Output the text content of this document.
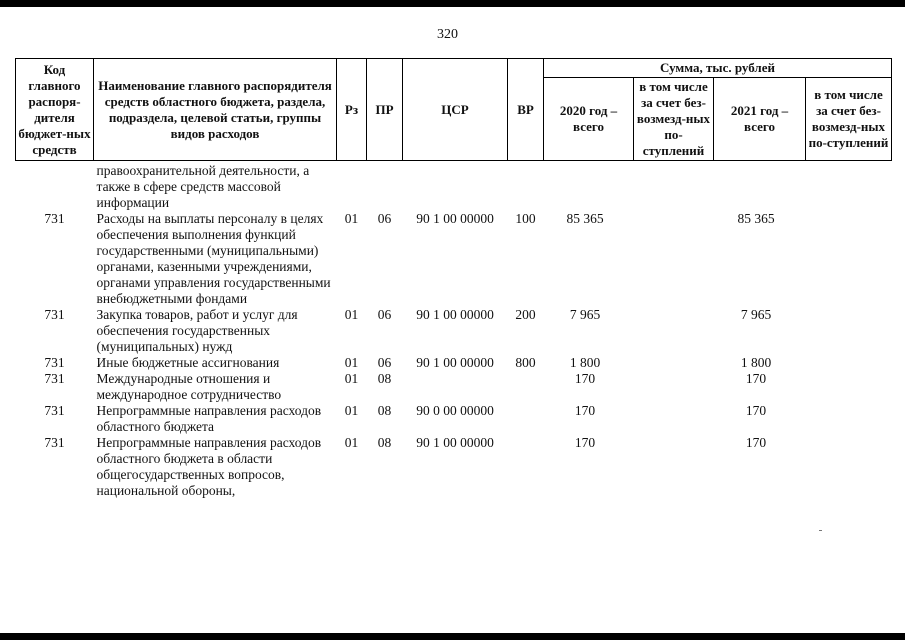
320
Код главного распоря-дителя бюджет-ных средств	Наименование главного распорядителя средств областного бюджета, раздела, подраздела, целевой статьи, группы видов расходов	Рз	ПР	ЦСР	ВР	Сумма, тыс. рублей			
						2020 год – всего	в том числе за счет без-возмезд-ных по-ступлений	2021 год – всего	в том числе за счет без-возмезд-ных по-ступлений
	правоохранительной деятельности, а также в сфере средств массовой информации								
731	Расходы на выплаты персоналу в целях обеспечения выполнения функций государственными (муниципальными) органами, казенными учреждениями, органами управления государственными внебюджетными фондами	01	06	90 1 00 00000	100	85 365		85 365	
731	Закупка товаров, работ и услуг для обеспечения государственных (муниципальных) нужд	01	06	90 1 00 00000	200	7 965		7 965	
731	Иные бюджетные ассигнования	01	06	90 1 00 00000	800	1 800		1 800	
731	Международные отношения и международное сотрудничество	01	08			170		170	
731	Непрограммные направления расходов областного бюджета	01	08	90 0 00 00000		170		170	
731	Непрограммные направления расходов областного бюджета в области общегосударственных вопросов, национальной обороны,	01	08	90 1 00 00000		170		170	
